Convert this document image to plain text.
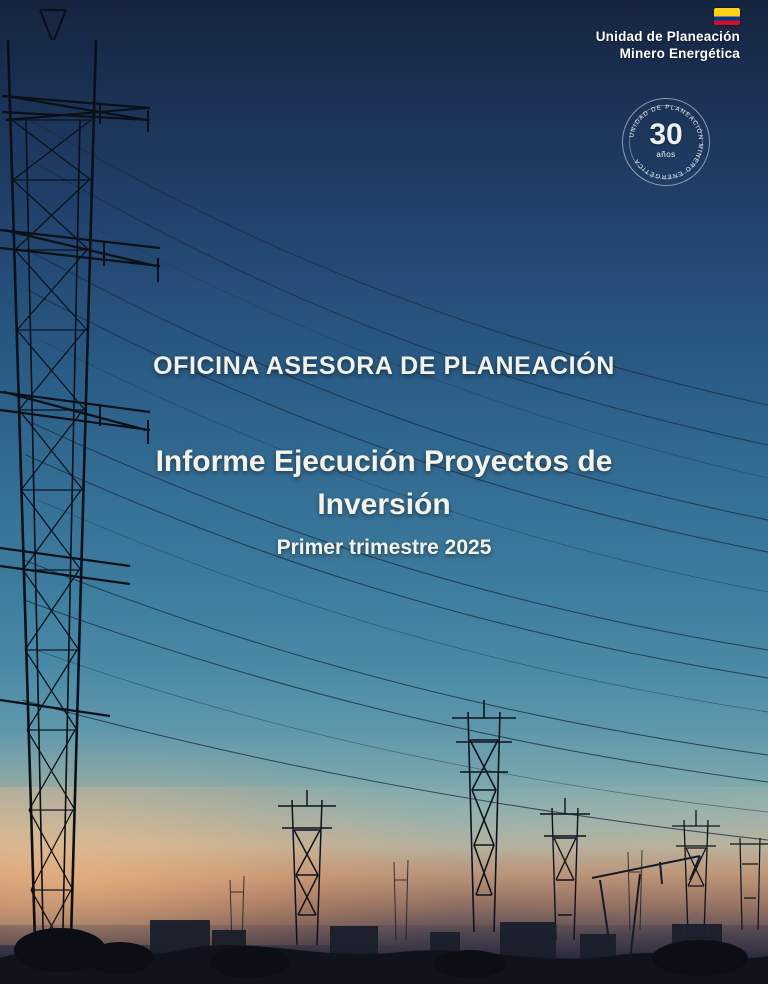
Unidad de Planeación
Minero Energética
UNIDAD DE PLANEACIÓN MINERO ENERGÉTICA
30
años
OFICINA ASESORA DE PLANEACIÓN
Informe Ejecución Proyectos de
Inversión
Primer trimestre 2025
